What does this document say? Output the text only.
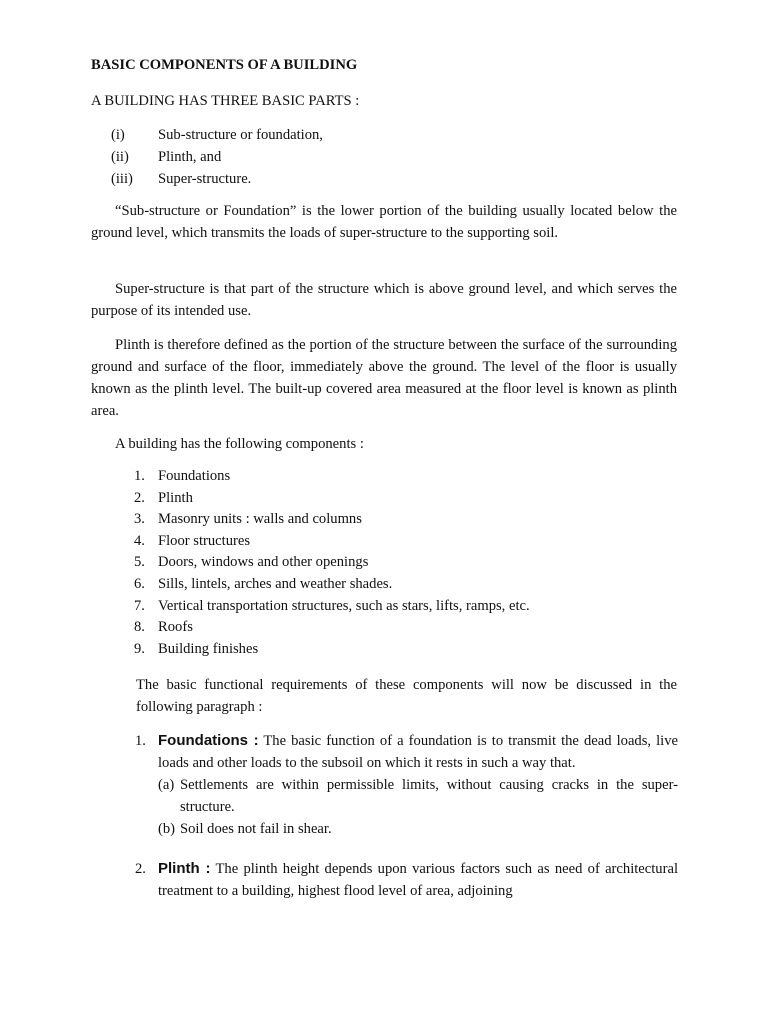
BASIC COMPONENTS OF A BUILDING
A BUILDING HAS THREE BASIC PARTS :
(i)	Sub-structure or foundation,
(ii)	Plinth, and
(iii)	Super-structure.

“Sub-structure or Foundation” is the lower portion of the building usually located below the ground level, which transmits the loads of super-structure to the supporting soil.

Super-structure is that part of the structure which is above ground level, and which serves the purpose of its intended use.

Plinth is therefore defined as the portion of the structure between the surface of the surrounding ground and surface of the floor, immediately above the ground. The level of the floor is usually known as the plinth level. The built-up covered area measured at the floor level is known as plinth area.

A building has the following components :

1. Foundations
2. Plinth
3. Masonry units : walls and columns
4. Floor structures
5. Doors, windows and other openings
6. Sills, lintels, arches and weather shades.
7. Vertical transportation structures, such as stars, lifts, ramps, etc.
8. Roofs
9. Building finishes

The basic functional requirements of these components will now be discussed in the following paragraph :

1. Foundations : The basic function of a foundation is to transmit the dead loads, live loads and other loads to the subsoil on which it rests in such a way that.
(a) Settlements are within permissible limits, without causing cracks in the super-structure.
(b) Soil does not fail in shear.
2. Plinth : The plinth height depends upon various factors such as need of architectural treatment to a building, highest flood level of area, adjoining
